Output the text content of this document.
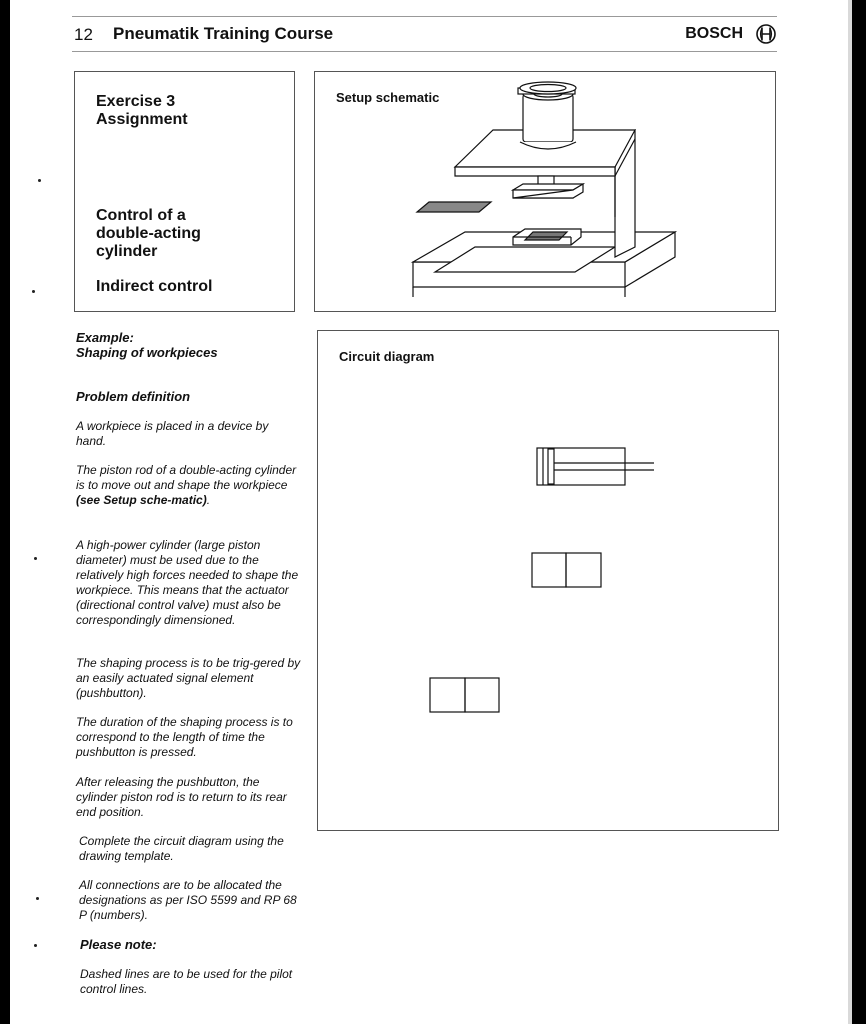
12 Pneumatik Training Course	BOSCH
Exercise 3
Assignment
Control of a
double-acting
cylinder
Indirect control
Setup schematic
Example:
Shaping of workpieces
Problem definition
A workpiece is placed in a device by hand.
The piston rod of a double-acting cylinder is to move out and shape the workpiece (see Setup sche-matic).
A high-power cylinder (large piston diameter) must be used due to the relatively high forces needed to shape the workpiece. This means that the actuator (directional control valve) must also be correspondingly dimensioned.
The shaping process is to be trig-gered by an easily actuated signal element (pushbutton).
The duration of the shaping process is to correspond to the length of time the pushbutton is pressed.
After releasing the pushbutton, the cylinder piston rod is to return to its rear end position.
Complete the circuit diagram using the drawing template.
All connections are to be allocated the designations as per ISO 5599 and RP 68 P (numbers).
Please note:
Dashed lines are to be used for the pilot control lines.
Circuit diagram
